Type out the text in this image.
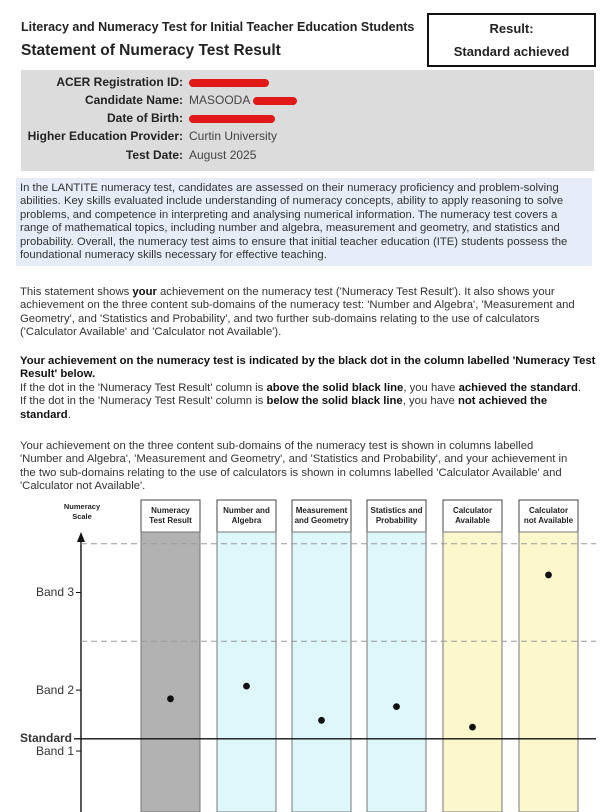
Literacy and Numeracy Test for Initial Teacher Education Students
Statement of Numeracy Test Result
Result:
Standard achieved
ACER Registration ID:
Candidate Name: MASOODA
Date of Birth:
Higher Education Provider: Curtin University
Test Date: August 2025
In the LANTITE numeracy test, candidates are assessed on their numeracy proficiency and problem-solving
abilities. Key skills evaluated include understanding of numeracy concepts, ability to apply reasoning to solve
problems, and competence in interpreting and analysing numerical information. The numeracy test covers a
range of mathematical topics, including number and algebra, measurement and geometry, and statistics and
probability. Overall, the numeracy test aims to ensure that initial teacher education (ITE) students possess the
foundational numeracy skills necessary for effective teaching.
This statement shows your achievement on the numeracy test ('Numeracy Test Result'). It also shows your
achievement on the three content sub-domains of the numeracy test: 'Number and Algebra', 'Measurement and
Geometry', and 'Statistics and Probability', and two further sub-domains relating to the use of calculators
('Calculator Available' and 'Calculator not Available').
Your achievement on the numeracy test is indicated by the black dot in the column labelled 'Numeracy Test
Result' below.
If the dot in the 'Numeracy Test Result' column is above the solid black line, you have achieved the standard.
If the dot in the 'Numeracy Test Result' column is below the solid black line, you have not achieved the
standard.
Your achievement on the three content sub-domains of the numeracy test is shown in columns labelled
'Number and Algebra', 'Measurement and Geometry', and 'Statistics and Probability', and your achievement in
the two sub-domains relating to the use of calculators is shown in columns labelled 'Calculator Available' and
'Calculator not Available'.
Numeracy Scale
Numeracy
Test Result
Number and
Algebra
Measurement
and Geometry
Statistics and
Probability
Calculator
Available
Calculator
not Available
Standard
Band 1
Band 2
Band 3
